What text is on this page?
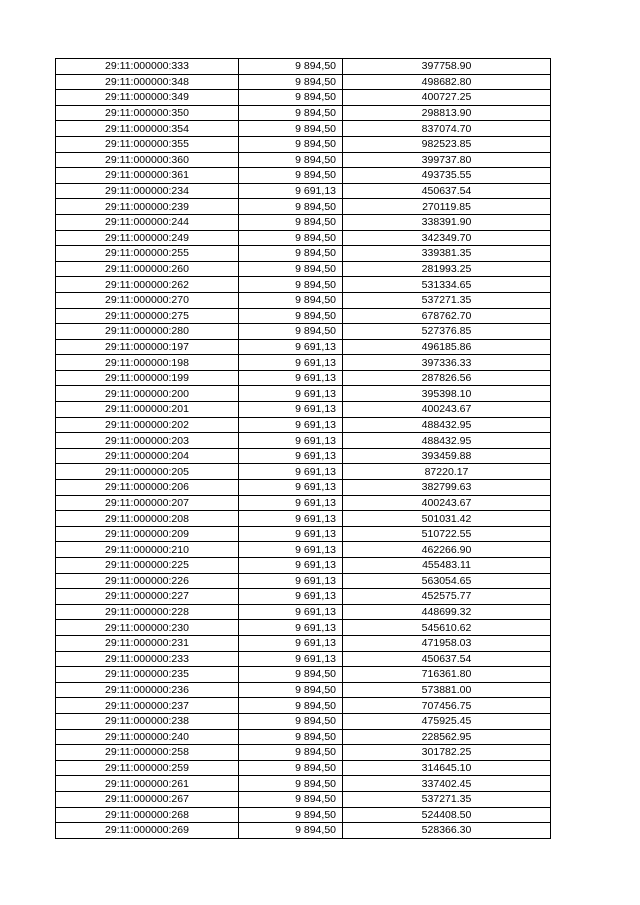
29:11:000000:333	9 894,50	397758.90
29:11:000000:348	9 894,50	498682.80
29:11:000000:349	9 894,50	400727.25
29:11:000000:350	9 894,50	298813.90
29:11:000000:354	9 894,50	837074.70
29:11:000000:355	9 894,50	982523.85
29:11:000000:360	9 894,50	399737.80
29:11:000000:361	9 894,50	493735.55
29:11:000000:234	9 691,13	450637.54
29:11:000000:239	9 894,50	270119.85
29:11:000000:244	9 894,50	338391.90
29:11:000000:249	9 894,50	342349.70
29:11:000000:255	9 894,50	339381.35
29:11:000000:260	9 894,50	281993.25
29:11:000000:262	9 894,50	531334.65
29:11:000000:270	9 894,50	537271.35
29:11:000000:275	9 894,50	678762.70
29:11:000000:280	9 894,50	527376.85
29:11:000000:197	9 691,13	496185.86
29:11:000000:198	9 691,13	397336.33
29:11:000000:199	9 691,13	287826.56
29:11:000000:200	9 691,13	395398.10
29:11:000000:201	9 691,13	400243.67
29:11:000000:202	9 691,13	488432.95
29:11:000000:203	9 691,13	488432.95
29:11:000000:204	9 691,13	393459.88
29:11:000000:205	9 691,13	87220.17
29:11:000000:206	9 691,13	382799.63
29:11:000000:207	9 691,13	400243.67
29:11:000000:208	9 691,13	501031.42
29:11:000000:209	9 691,13	510722.55
29:11:000000:210	9 691,13	462266.90
29:11:000000:225	9 691,13	455483.11
29:11:000000:226	9 691,13	563054.65
29:11:000000:227	9 691,13	452575.77
29:11:000000:228	9 691,13	448699.32
29:11:000000:230	9 691,13	545610.62
29:11:000000:231	9 691,13	471958.03
29:11:000000:233	9 691,13	450637.54
29:11:000000:235	9 894,50	716361.80
29:11:000000:236	9 894,50	573881.00
29:11:000000:237	9 894,50	707456.75
29:11:000000:238	9 894,50	475925.45
29:11:000000:240	9 894,50	228562.95
29:11:000000:258	9 894,50	301782.25
29:11:000000:259	9 894,50	314645.10
29:11:000000:261	9 894,50	337402.45
29:11:000000:267	9 894,50	537271.35
29:11:000000:268	9 894,50	524408.50
29:11:000000:269	9 894,50	528366.30
